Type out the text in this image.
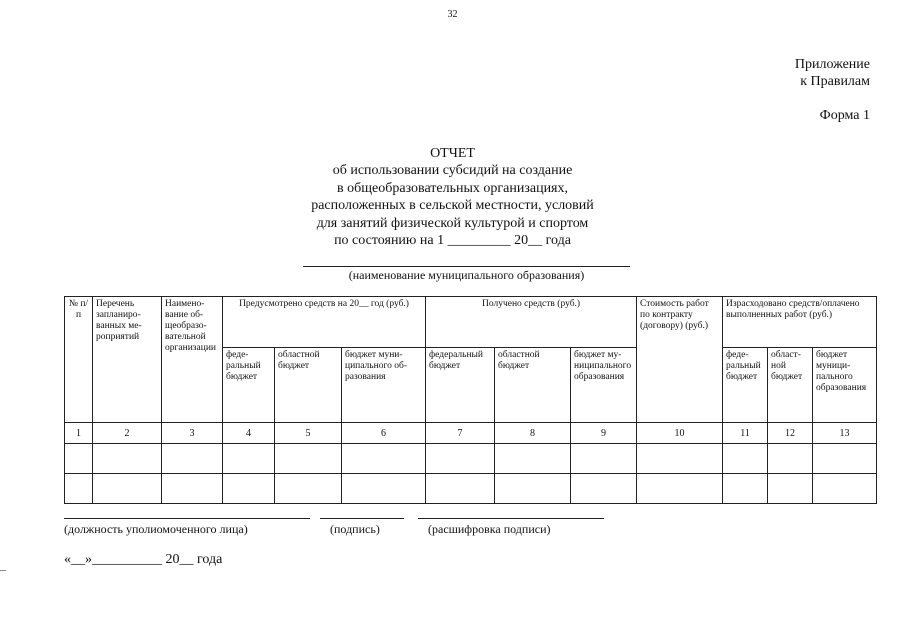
32
Приложение
к Правилам
Форма 1
ОТЧЕТ
об использовании субсидий на создание
в общеобразовательных организациях,
расположенных в сельской местности, условий
для занятий физической культурой и спортом
по состоянию на 1 _________ 20__ года
(наименование муниципального образования)
№ п/п	Перечень запланированных мероприятий	Наименование общеобразовательной организации	Предусмотрено средств на 20__ год (руб.)			Получено средств (руб.)			Стоимость работ по контракту (договору) (руб.)	Израсходовано средств/оплачено выполненных работ (руб.)		
			федеральный бюджет	областной бюджет	бюджет муниципального образования	федеральный бюджет	областной бюджет	бюджет муниципального образования		федеральный бюджет	областной бюджет	бюджет муниципального образования
1	2	3	4	5	6	7	8	9	10	11	12	13

(должность уполиомоченного лица)	(подпись)	(расшифровка подписи)
«__»__________ 20__ года
